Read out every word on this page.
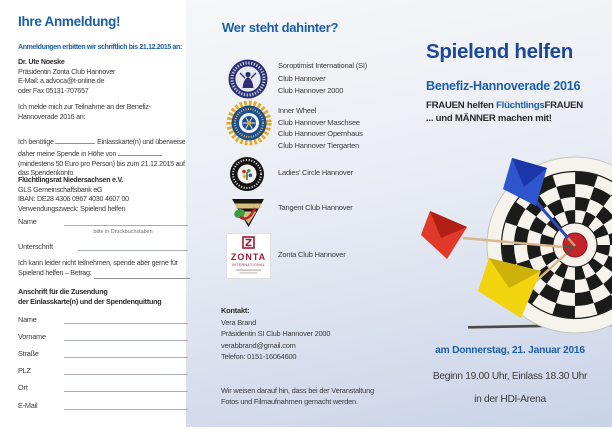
Ihre Anmeldung!
Anmeldungen erbitten wir schriftlich bis 21.12.2015 an:
Dr. Ute Noeske
Präsidentin Zonta Club Hannover
E-Mail: a.advoca@t-online.de
oder Fax 05131-707657
Ich melde mich zur Teilnahme an der Benefiz-Hannoverade 2016 an:
Ich benötige	Einlasskarte(n) und überweise daher meine Spende in Höhe von  (mindestens 50 Euro pro Person) bis zum 21.12.2015 auf das Spendenkonto
Flüchtlingsrat Niedersachsen e.V.
GLS Gemeinschaftsbank eG
IBAN: DE28 4306 0967 4030 4607 00
Verwendungszweck: Spielend helfen
Name
bitte in Druckbuchstaben
Unterschrift
Ich kann leider nicht teilnehmen, spende aber gerne für
Spielend helfen – Betrag:
Anschrift für die Zusendung
der Einlasskarte(n) und der Spendenquittung
Name
Vorname
Straße
PLZ
Ort
E-Mail
Wer steht dahinter?
Soroptimist International (SI)
Club Hannover
Club Hannover 2000
Inner Wheel
Club Hannover Maschsee
Club Hannover Opernhaus
Club Hannover Tiergarten
Ladies’ Circle Hannover
Tangent Club Hannover
ZONTA
INTERNATIONAL
Zonta Club Hannover
Kontakt:
Vera Brand
Präsidentin SI Club Hannover 2000
verabbrand@gmail.com
Telefon: 0151-16064600
Wir weisen darauf hin, dass bei der Veranstaltung
Fotos und Filmaufnahmen gemacht werden.
Spielend helfen
Benefiz-Hannoverade 2016
FRAUEN helfen FlüchtlingsFRAUEN
... und MÄNNER machen mit!
am Donnerstag, 21. Januar 2016
Beginn 19.00 Uhr, Einlass 18.30 Uhr
in der HDI-Arena
